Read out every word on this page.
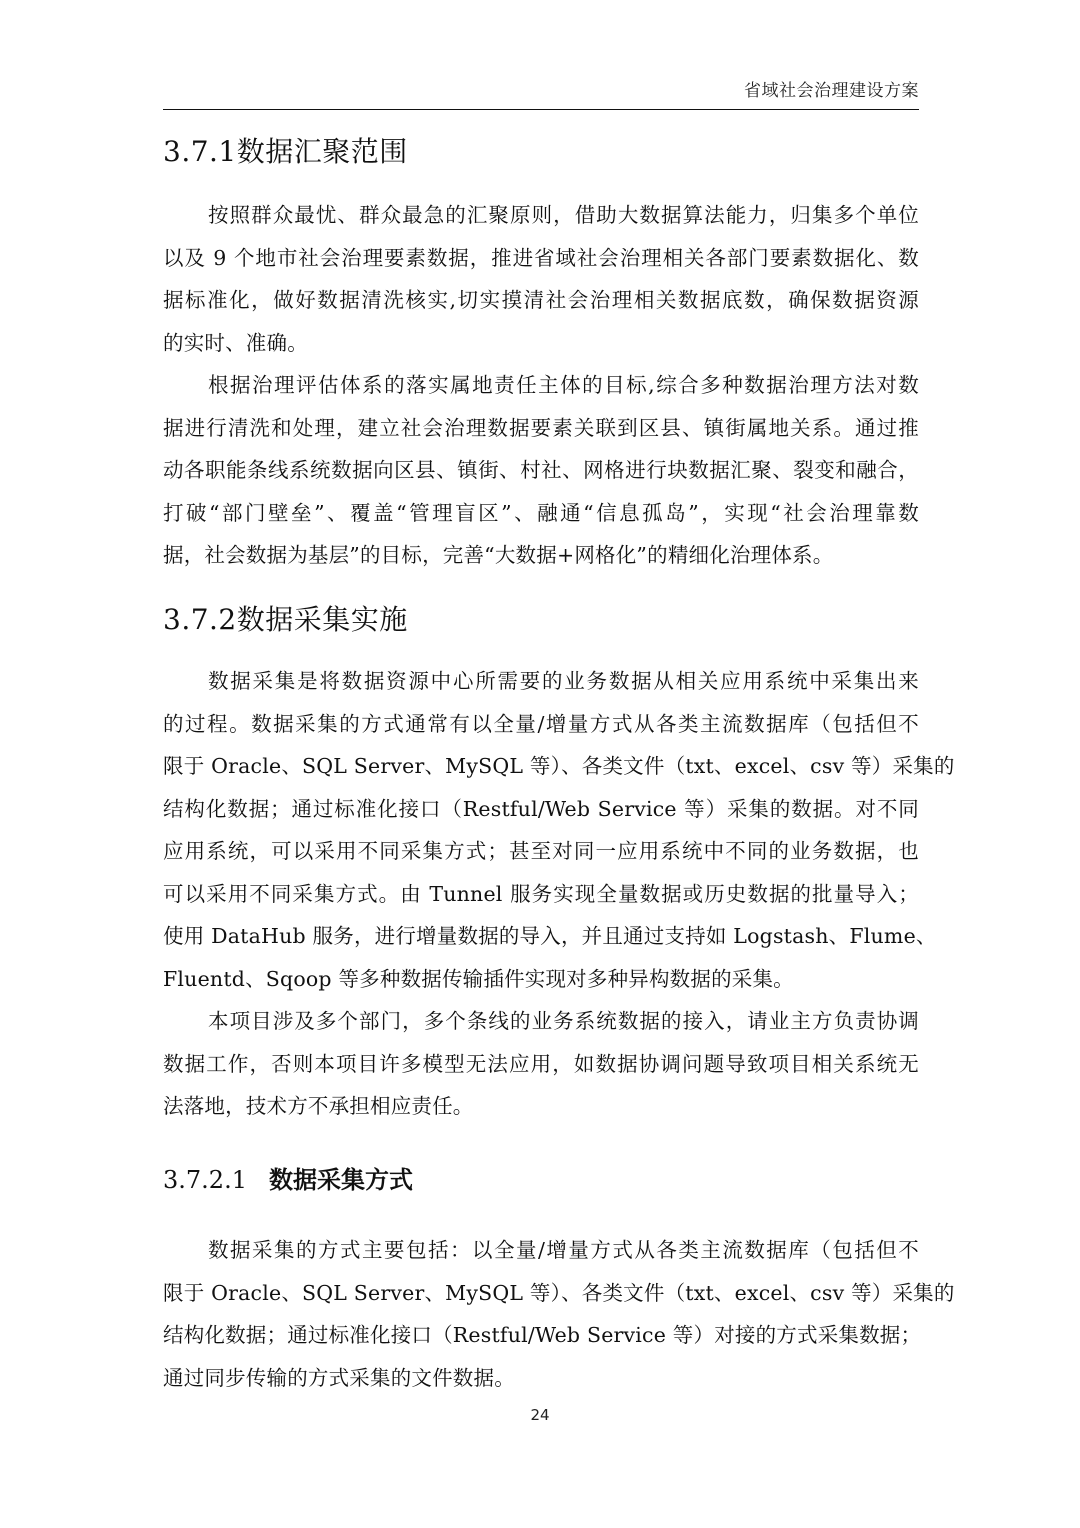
省域社会治理建设方案
3.7.1数据汇聚范围
按照群众最忧、群众最急的汇聚原则，借助大数据算法能力，归集多个单位
以及 9 个地市社会治理要素数据，推进省域社会治理相关各部门要素数据化、数
据标准化，做好数据清洗核实,切实摸清社会治理相关数据底数，确保数据资源
的实时、准确。
根据治理评估体系的落实属地责任主体的目标,综合多种数据治理方法对数
据进行清洗和处理，建立社会治理数据要素关联到区县、镇街属地关系。通过推
动各职能条线系统数据向区县、镇街、村社、网格进行块数据汇聚、裂变和融合，
打破“部门壁垒”、覆盖“管理盲区”、融通“信息孤岛”，实现“社会治理靠数
据，社会数据为基层”的目标，完善“大数据+网格化”的精细化治理体系。
3.7.2数据采集实施
数据采集是将数据资源中心所需要的业务数据从相关应用系统中采集出来
的过程。数据采集的方式通常有以全量/增量方式从各类主流数据库（包括但不
限于 Oracle、SQL Server、MySQL 等）、各类文件（txt、excel、csv 等）采集的
结构化数据；通过标准化接口（Restful/Web Service 等）采集的数据。对不同
应用系统，可以采用不同采集方式；甚至对同一应用系统中不同的业务数据，也
可以采用不同采集方式。由 Tunnel 服务实现全量数据或历史数据的批量导入；
使用 DataHub 服务，进行增量数据的导入，并且通过支持如 Logstash、Flume、
Fluentd、Sqoop 等多种数据传输插件实现对多种异构数据的采集。
本项目涉及多个部门，多个条线的业务系统数据的接入，请业主方负责协调
数据工作，否则本项目许多模型无法应用，如数据协调问题导致项目相关系统无
法落地，技术方不承担相应责任。
3.7.2.1 数据采集方式
数据采集的方式主要包括：以全量/增量方式从各类主流数据库（包括但不
限于 Oracle、SQL Server、MySQL 等）、各类文件（txt、excel、csv 等）采集的
结构化数据；通过标准化接口（Restful/Web Service 等）对接的方式采集数据；
通过同步传输的方式采集的文件数据。
24
